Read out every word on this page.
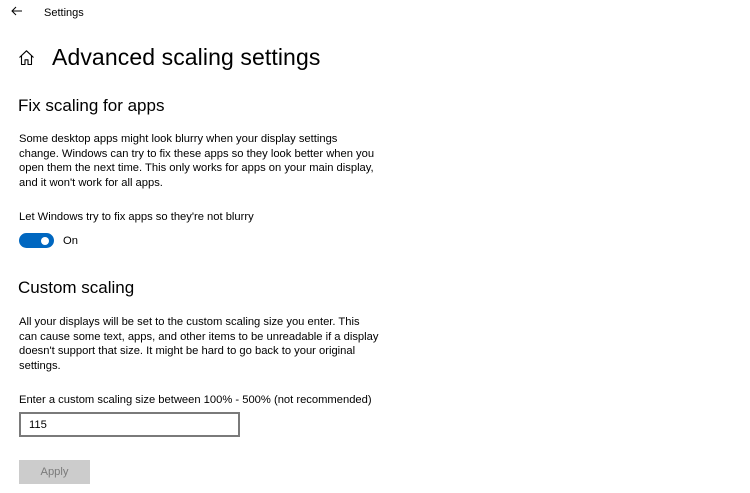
Settings
Advanced scaling settings
Fix scaling for apps
Some desktop apps might look blurry when your display settings
change. Windows can try to fix these apps so they look better when you
open them the next time. This only works for apps on your main display,
and it won't work for all apps.
Let Windows try to fix apps so they're not blurry
On
Custom scaling
All your displays will be set to the custom scaling size you enter. This
can cause some text, apps, and other items to be unreadable if a display
doesn't support that size. It might be hard to go back to your original
settings.
Enter a custom scaling size between 100% - 500% (not recommended)
115
Apply
